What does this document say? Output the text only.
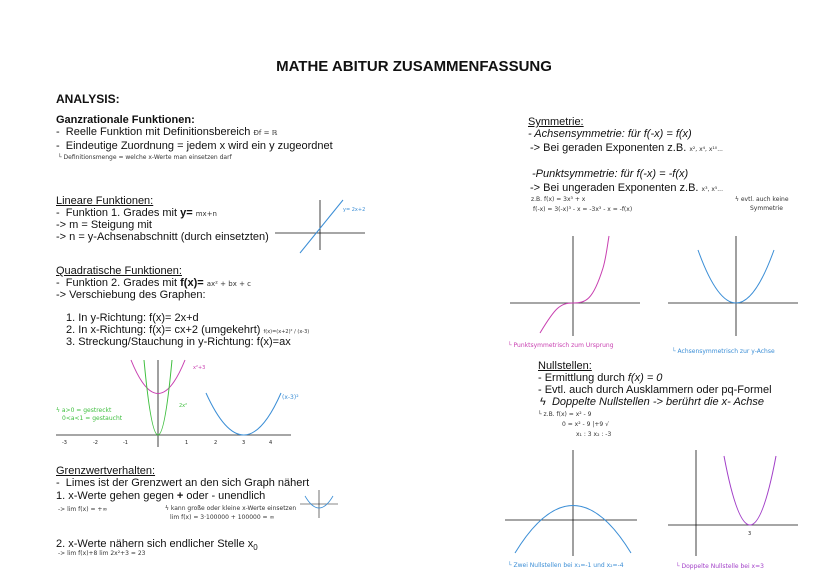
MATHE ABITUR ZUSAMMENFASSUNG
ANALYSIS:
Ganzrationale Funktionen:
-  Reelle Funktion mit Definitionsbereich Đf = ℝ
-  Eindeutige Zuordnung = jedem x wird ein y zugeordnet
└ Definitionsmenge = welche x-Werte man einsetzen darf
Lineare Funktionen:
-  Funktion 1. Grades mit y= mx+n
-> m = Steigung mit
-> n = y-Achsenabschnitt (durch einsetzten)
y= 2x+2
Quadratische Funktionen:
-  Funktion 2. Grades mit f(x)= ax² + bx + c
-> Verschiebung des Graphen:
1. In y-Richtung: f(x)= 2x+d
2. In x-Richtung: f(x)= cx+2 (umgekehrt) f(x)=(x+2)² / (x-3)
3. Streckung/Stauchung in y-Richtung: f(x)=ax
x²+3
2x²
(x-3)²
ϟ a>0 = gestreckt
0<a<1 = gestaucht
-3	-2	-1	1	2	3	4
Grenzwertverhalten:
-  Limes ist der Grenzwert an den sich Graph nähert
1. x-Werte gehen gegen + oder - unendlich
-> lim f(x) = +∞	ϟ kann große oder kleine x-Werte einsetzen
lim f(x) = 3·100000 + 100000 = ∞
2. x-Werte nähern sich endlicher Stelle $x_0$
-> lim f(x)+8 lim 2x²+3 = 23
Symmetrie:
- Achsensymmetrie: für f(-x) = f(x)
-> Bei geraden Exponenten z.B. x², x⁴, x¹⁰...
-Punktsymmetrie: für f(-x) = -f(x)
-> Bei ungeraden Exponenten z.B. x³, x⁵...
z.B. f(x) = 3x³ + x
f(-x) = 3(-x)³ - x = -3x³ - x = -f(x)
ϟ evtl. auch keine
Symmetrie
└ Punktsymmetrisch zum Ursprung
└ Achsensymmetrisch zur y-Achse
Nullstellen:
- Ermittlung durch f(x) = 0
- Evtl. auch durch Ausklammern oder pq-Formel
ϟ Doppelte Nullstellen -> berührt die x- Achse
└ z.B. f(x) = x² - 9
0 = x² - 9 |+9 √
x₁ : 3 x₂ : -3
└ Zwei Nullstellen bei x₁=-1 und x₂=-4
3
└ Doppelte Nullstelle bei x=3
